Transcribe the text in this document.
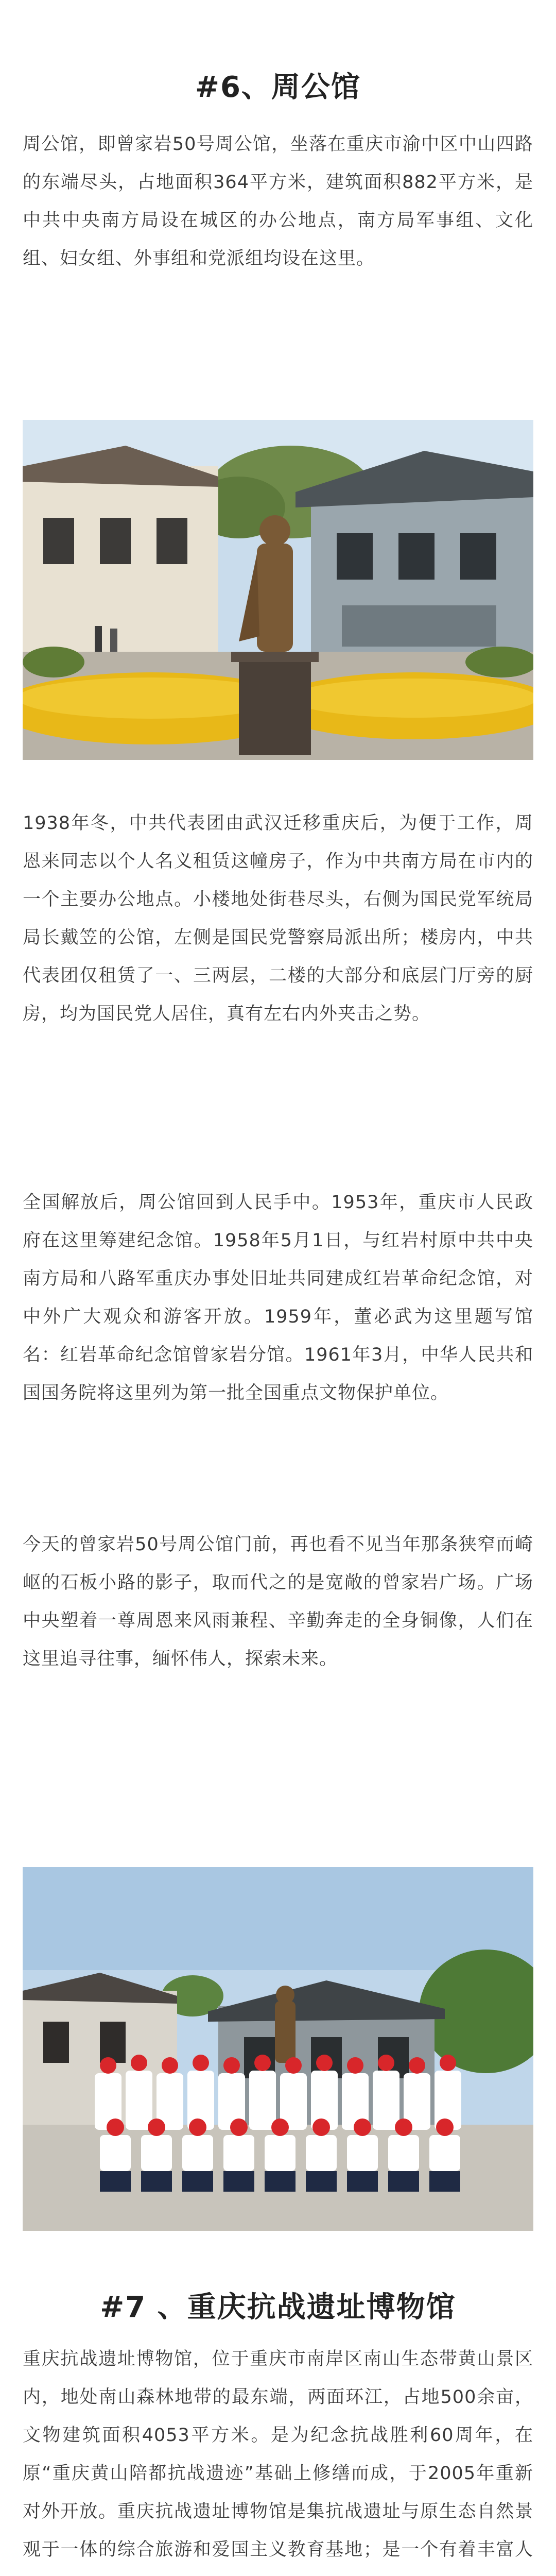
#6、周公馆

周公馆，即曾家岩50号周公馆，坐落在重庆市渝中区中山四路的东端尽头，占地面积364平方米，建筑面积882平方米，是中共中央南方局设在城区的办公地点，南方局军事组、文化组、妇女组、外事组和党派组均设在这里。

1938年冬，中共代表团由武汉迁移重庆后，为便于工作，周恩来同志以个人名义租赁这幢房子，作为中共南方局在市内的一个主要办公地点。小楼地处街巷尽头，右侧为国民党军统局局长戴笠的公馆，左侧是国民党警察局派出所；楼房内，中共代表团仅租赁了一、三两层，二楼的大部分和底层门厅旁的厨房，均为国民党人居住，真有左右内外夹击之势。

全国解放后，周公馆回到人民手中。1953年，重庆市人民政府在这里筹建纪念馆。1958年5月1日，与红岩村原中共中央南方局和八路军重庆办事处旧址共同建成红岩革命纪念馆，对中外广大观众和游客开放。1959年，董必武为这里题写馆名：红岩革命纪念馆曾家岩分馆。1961年3月，中华人民共和国国务院将这里列为第一批全国重点文物保护单位。

今天的曾家岩50号周公馆门前，再也看不见当年那条狭窄而崎岖的石板小路的影子，取而代之的是宽敞的曾家岩广场。广场中央塑着一尊周恩来风雨兼程、辛勤奔走的全身铜像，人们在这里追寻往事，缅怀伟人，探索未来。

#7 、重庆抗战遗址博物馆

重庆抗战遗址博物馆，位于重庆市南岸区南山生态带黄山景区内，地处南山森林地带的最东端，两面环江，占地500余亩，文物建筑面积4053平方米。是为纪念抗战胜利60周年，在原“重庆黄山陪都抗战遗迹”基础上修缮而成，于2005年重新对外开放。重庆抗战遗址博物馆是集抗战遗址与原生态自然景观于一体的综合旅游和爱国主义教育基地；是一个有着丰富人
